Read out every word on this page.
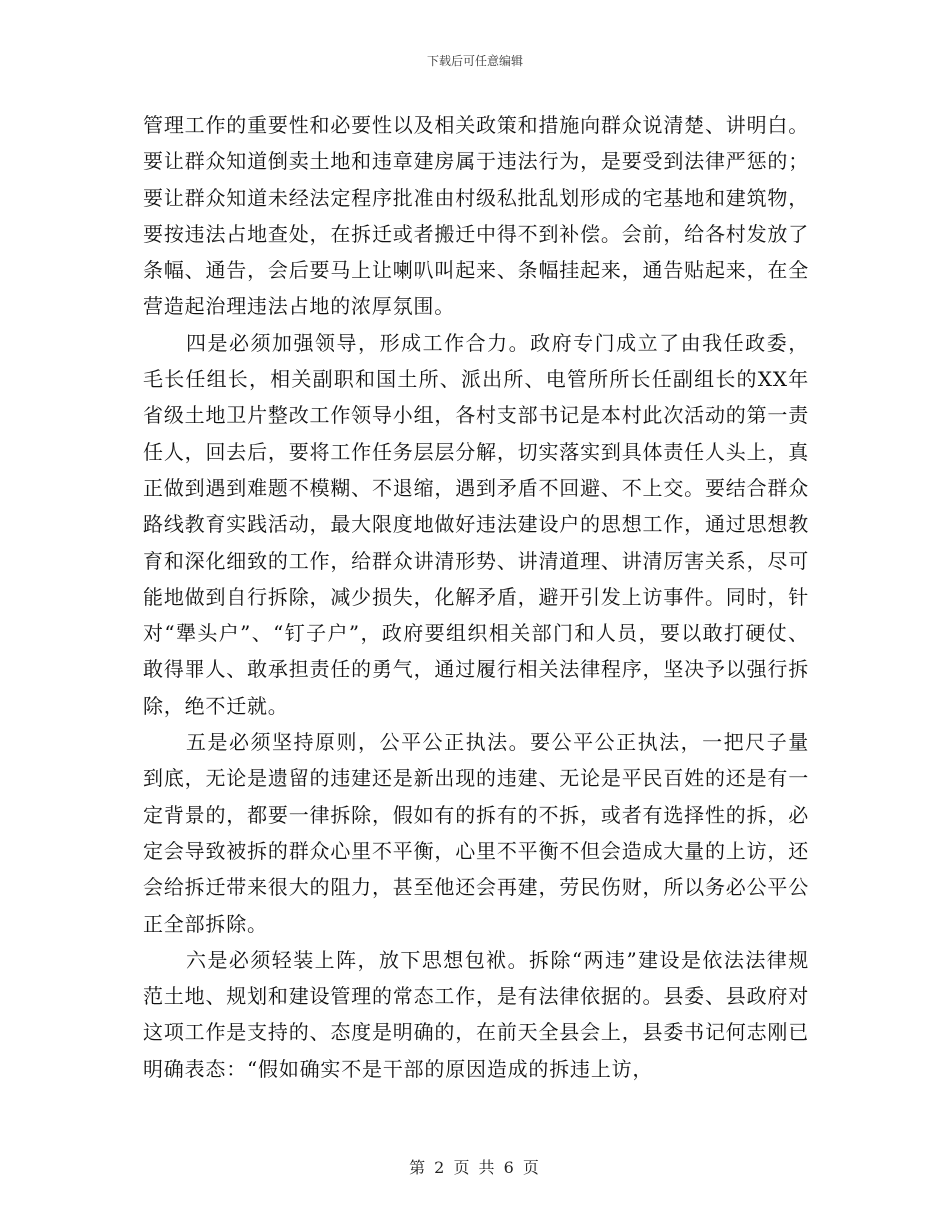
下载后可任意编辑

管理工作的重要性和必要性以及相关政策和措施向群众说清楚、讲明白。要让群众知道倒卖土地和违章建房属于违法行为，是要受到法律严惩的；要让群众知道未经法定程序批准由村级私批乱划形成的宅基地和建筑物，要按违法占地查处，在拆迁或者搬迁中得不到补偿。会前，给各村发放了条幅、通告，会后要马上让喇叭叫起来、条幅挂起来，通告贴起来，在全营造起治理违法占地的浓厚氛围。

四是必须加强领导，形成工作合力。政府专门成立了由我任政委，毛长任组长，相关副职和国土所、派出所、电管所所长任副组长的XX年省级土地卫片整改工作领导小组，各村支部书记是本村此次活动的第一责任人，回去后，要将工作任务层层分解，切实落实到具体责任人头上，真正做到遇到难题不模糊、不退缩，遇到矛盾不回避、不上交。要结合群众路线教育实践活动，最大限度地做好违法建设户的思想工作，通过思想教育和深化细致的工作，给群众讲清形势、讲清道理、讲清厉害关系，尽可能地做到自行拆除，减少损失，化解矛盾，避开引发上访事件。同时，针对“犟头户”、“钉子户”，政府要组织相关部门和人员，要以敢打硬仗、敢得罪人、敢承担责任的勇气，通过履行相关法律程序，坚决予以强行拆除，绝不迁就。

五是必须坚持原则，公平公正执法。要公平公正执法，一把尺子量到底，无论是遗留的违建还是新出现的违建、无论是平民百姓的还是有一定背景的，都要一律拆除，假如有的拆有的不拆，或者有选择性的拆，必定会导致被拆的群众心里不平衡，心里不平衡不但会造成大量的上访，还会给拆迁带来很大的阻力，甚至他还会再建，劳民伤财，所以务必公平公正全部拆除。

六是必须轻装上阵，放下思想包袱。拆除“两违”建设是依法法律规范土地、规划和建设管理的常态工作，是有法律依据的。县委、县政府对这项工作是支持的、态度是明确的，在前天全县会上，县委书记何志刚已明确表态：“假如确实不是干部的原因造成的拆违上访，

第 2 页 共 6 页
